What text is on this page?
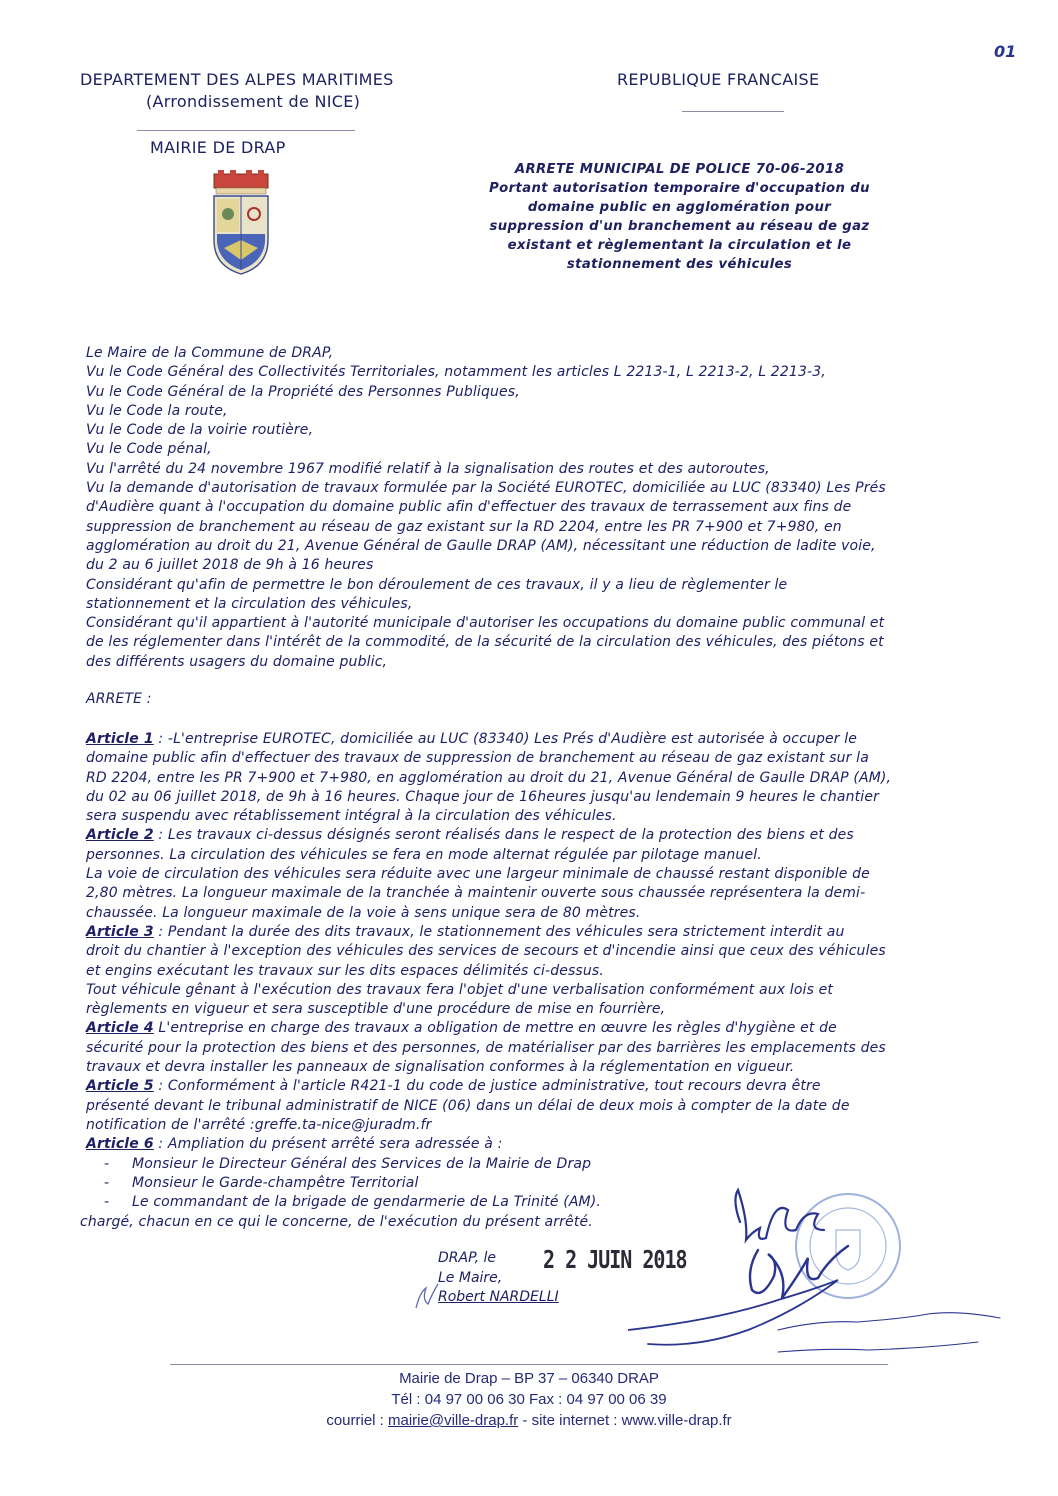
01
DEPARTEMENT DES ALPES MARITIMES
(Arrondissement de NICE)
REPUBLIQUE FRANCAISE
MAIRIE DE DRAP
ARRETE MUNICIPAL DE POLICE 70-06-2018
Portant autorisation temporaire d'occupation du
domaine public en agglomération pour
suppression d'un branchement au réseau de gaz
existant et règlementant la circulation et le
stationnement des véhicules
Le Maire de la Commune de DRAP,
Vu le Code Général des Collectivités Territoriales, notamment les articles L 2213-1, L 2213-2, L 2213-3,
Vu le Code Général de la Propriété des Personnes Publiques,
Vu le Code la route,
Vu le Code de la voirie routière,
Vu le Code pénal,
Vu l'arrêté du 24 novembre 1967 modifié relatif à la signalisation des routes et des autoroutes,
Vu la demande d'autorisation de travaux formulée par la Société EUROTEC, domiciliée au LUC (83340) Les Prés
d'Audière quant à l'occupation du domaine public afin d'effectuer des travaux de terrassement aux fins de
suppression de branchement au réseau de gaz existant sur la RD 2204, entre les PR 7+900 et 7+980, en
agglomération au droit du 21, Avenue Général de Gaulle DRAP (AM), nécessitant une réduction de ladite voie,
du 2 au 6 juillet 2018 de 9h à 16 heures
Considérant qu'afin de permettre le bon déroulement de ces travaux, il y a lieu de règlementer le
stationnement et la circulation des véhicules,
Considérant qu'il appartient à l'autorité municipale d'autoriser les occupations du domaine public communal et
de les réglementer dans l'intérêt de la commodité, de la sécurité de la circulation des véhicules, des piétons et
des différents usagers du domaine public,
ARRETE :
Article 1 : -L'entreprise EUROTEC, domiciliée au LUC (83340) Les Prés d'Audière est autorisée à occuper le
domaine public afin d'effectuer des travaux de suppression de branchement au réseau de gaz existant sur la
RD 2204, entre les PR 7+900 et 7+980, en agglomération au droit du 21, Avenue Général de Gaulle DRAP (AM),
du 02 au 06 juillet 2018, de 9h à 16 heures. Chaque jour de 16heures jusqu'au lendemain 9 heures le chantier
sera suspendu avec rétablissement intégral à la circulation des véhicules.
Article 2 : Les travaux ci-dessus désignés seront réalisés dans le respect de la protection des biens et des
personnes. La circulation des véhicules se fera en mode alternat régulée par pilotage manuel.
La voie de circulation des véhicules sera réduite avec une largeur minimale de chaussé restant disponible de
2,80 mètres. La longueur maximale de la tranchée à maintenir ouverte sous chaussée représentera la demi-
chaussée. La longueur maximale de la voie à sens unique sera de 80 mètres.
Article 3 : Pendant la durée des dits travaux, le stationnement des véhicules sera strictement interdit au
droit du chantier à l'exception des véhicules des services de secours et d'incendie ainsi que ceux des véhicules
et engins exécutant les travaux sur les dits espaces délimités ci-dessus.
Tout véhicule gênant à l'exécution des travaux fera l'objet d'une verbalisation conformément aux lois et
règlements en vigueur et sera susceptible d'une procédure de mise en fourrière,
Article 4 L'entreprise en charge des travaux a obligation de mettre en œuvre les règles d'hygiène et de
sécurité pour la protection des biens et des personnes, de matérialiser par des barrières les emplacements des
travaux et devra installer les panneaux de signalisation conformes à la réglementation en vigueur.
Article 5 : Conformément à l'article R421-1 du code de justice administrative, tout recours devra être
présenté devant le tribunal administratif de NICE (06) dans un délai de deux mois à compter de la date de
notification de l'arrêté :greffe.ta-nice@juradm.fr
Article 6 : Ampliation du présent arrêté sera adressée à :
- Monsieur le Directeur Général des Services de la Mairie de Drap
- Monsieur le Garde-champêtre Territorial
- Le commandant de la brigade de gendarmerie de La Trinité (AM).
chargé, chacun en ce qui le concerne, de l'exécution du présent arrêté.
DRAP, le 2 2 JUIN 2018
Le Maire,
Robert NARDELLI
Mairie de Drap – BP 37 – 06340 DRAP
Tél : 04 97 00 06 30 Fax : 04 97 00 06 39
courriel : mairie@ville-drap.fr - site internet : www.ville-drap.fr
